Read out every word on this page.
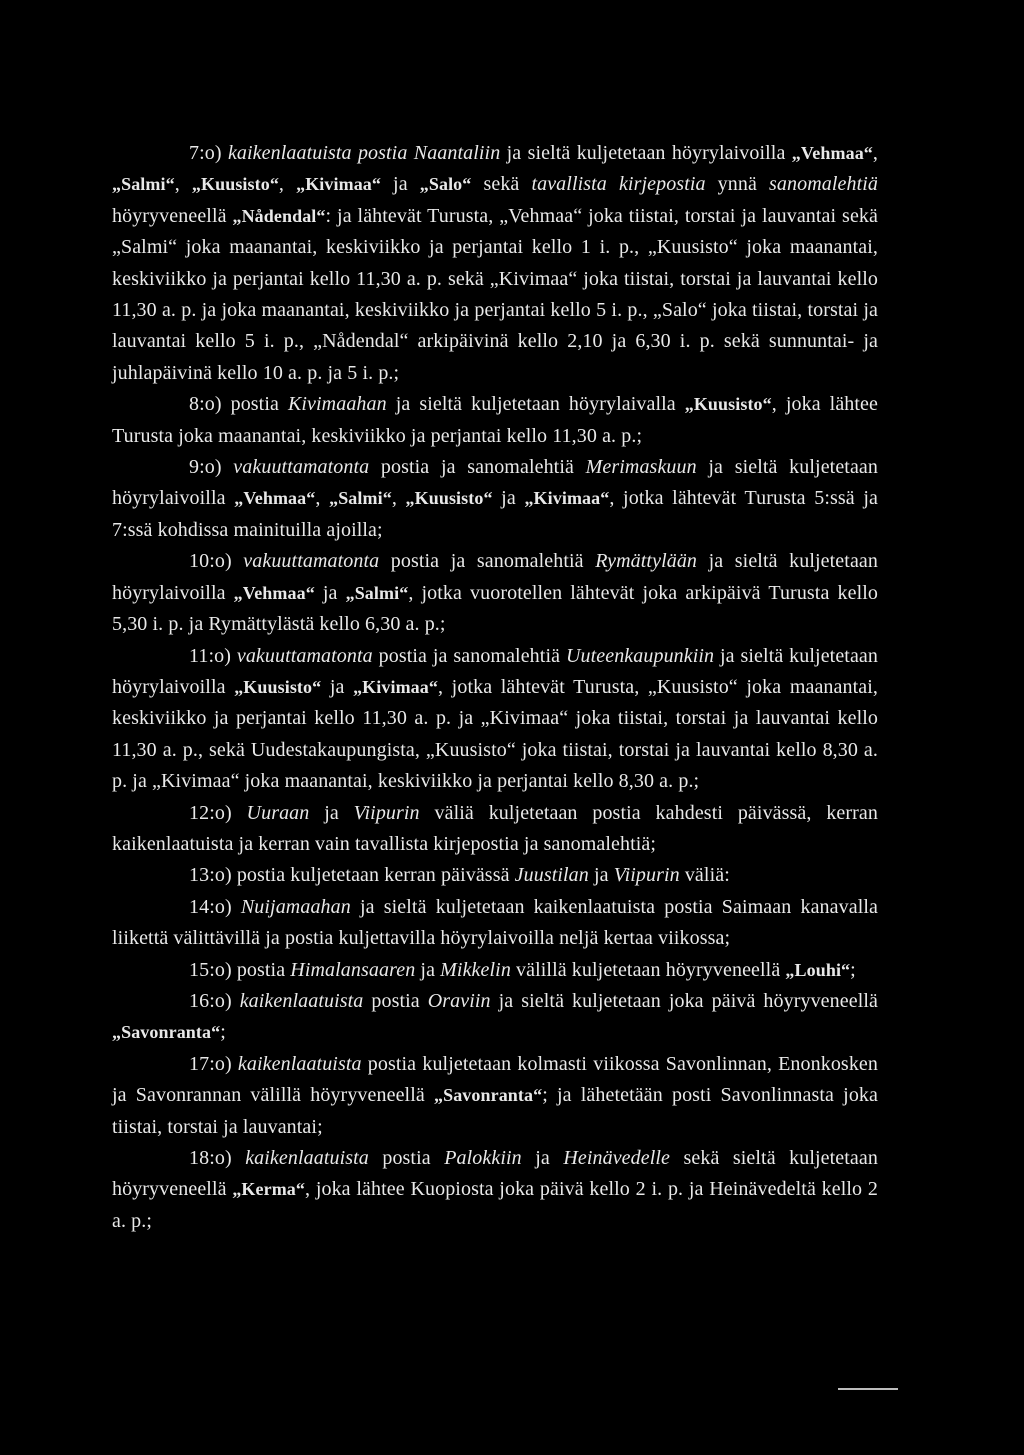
7:o) kaikenlaatuista postia Naantaliin ja sieltä kuljetetaan höyrylaivoilla „Vehmaa“, „Salmi“, „Kuusisto“, „Kivimaa“ ja „Salo“ sekä tavallista kirjepostia ynnä sanomalehtiä höyryveneellä „Nådendal“: ja lähtevät Turusta, „Vehmaa“ joka tiistai, torstai ja lauvantai sekä „Salmi“ joka maanantai, keskiviikko ja perjantai kello 1 i. p., „Kuusisto“ joka maanantai, keskiviikko ja perjantai kello 11,30 a. p. sekä „Kivimaa“ joka tiistai, torstai ja lauvantai kello 11,30 a. p. ja joka maanantai, keskiviikko ja perjantai kello 5 i. p., „Salo“ joka tiistai, torstai ja lauvantai kello 5 i. p., „Nådendal“ arkipäivinä kello 2,10 ja 6,30 i. p. sekä sunnuntai- ja juhlapäivinä kello 10 a. p. ja 5 i. p.;

8:o) postia Kivimaahan ja sieltä kuljetetaan höyrylaivalla „Kuusisto“, joka lähtee Turusta joka maanantai, keskiviikko ja perjantai kello 11,30 a. p.;

9:o) vakuuttamatonta postia ja sanomalehtiä Merimaskuun ja sieltä kuljetetaan höyrylaivoilla „Vehmaa“, „Salmi“, „Kuusisto“ ja „Kivimaa“, jotka lähtevät Turusta 5:ssä ja 7:ssä kohdissa mainituilla ajoilla;

10:o) vakuuttamatonta postia ja sanomalehtiä Rymättylään ja sieltä kuljetetaan höyrylaivoilla „Vehmaa“ ja „Salmi“, jotka vuorotellen lähtevät joka arkipäivä Turusta kello 5,30 i. p. ja Rymättylästä kello 6,30 a. p.;

11:o) vakuuttamatonta postia ja sanomalehtiä Uuteenkaupunkiin ja sieltä kuljetetaan höyrylaivoilla „Kuusisto“ ja „Kivimaa“, jotka lähtevät Turusta, „Kuusisto“ joka maanantai, keskiviikko ja perjantai kello 11,30 a. p. ja „Kivimaa“ joka tiistai, torstai ja lauvantai kello 11,30 a. p., sekä Uudestakaupungista, „Kuusisto“ joka tiistai, torstai ja lauvantai kello 8,30 a. p. ja „Kivimaa“ joka maanantai, keskiviikko ja perjantai kello 8,30 a. p.;

12:o) Uuraan ja Viipurin väliä kuljetetaan postia kahdesti päivässä, kerran kaikenlaatuista ja kerran vain tavallista kirjepostia ja sanomalehtiä;

13:o) postia kuljetetaan kerran päivässä Juustilan ja Viipurin väliä:

14:o) Nuijamaahan ja sieltä kuljetetaan kaikenlaatuista postia Saimaan kanavalla liikettä välittävillä ja postia kuljettavilla höyrylaivoilla neljä kertaa viikossa;

15:o) postia Himalansaaren ja Mikkelin välillä kuljetetaan höyryveneellä „Louhi“;

16:o) kaikenlaatuista postia Oraviin ja sieltä kuljetetaan joka päivä höyryveneellä „Savonranta“;

17:o) kaikenlaatuista postia kuljetetaan kolmasti viikossa Savonlinnan, Enonkosken ja Savonrannan välillä höyryveneellä „Savonranta“; ja lähetetään posti Savonlinnasta joka tiistai, torstai ja lauvantai;

18:o) kaikenlaatuista postia Palokkiin ja Heinävedelle sekä sieltä kuljetetaan höyryveneellä „Kerma“, joka lähtee Kuopiosta joka päivä kello 2 i. p. ja Heinävedeltä kello 2 a. p.;
